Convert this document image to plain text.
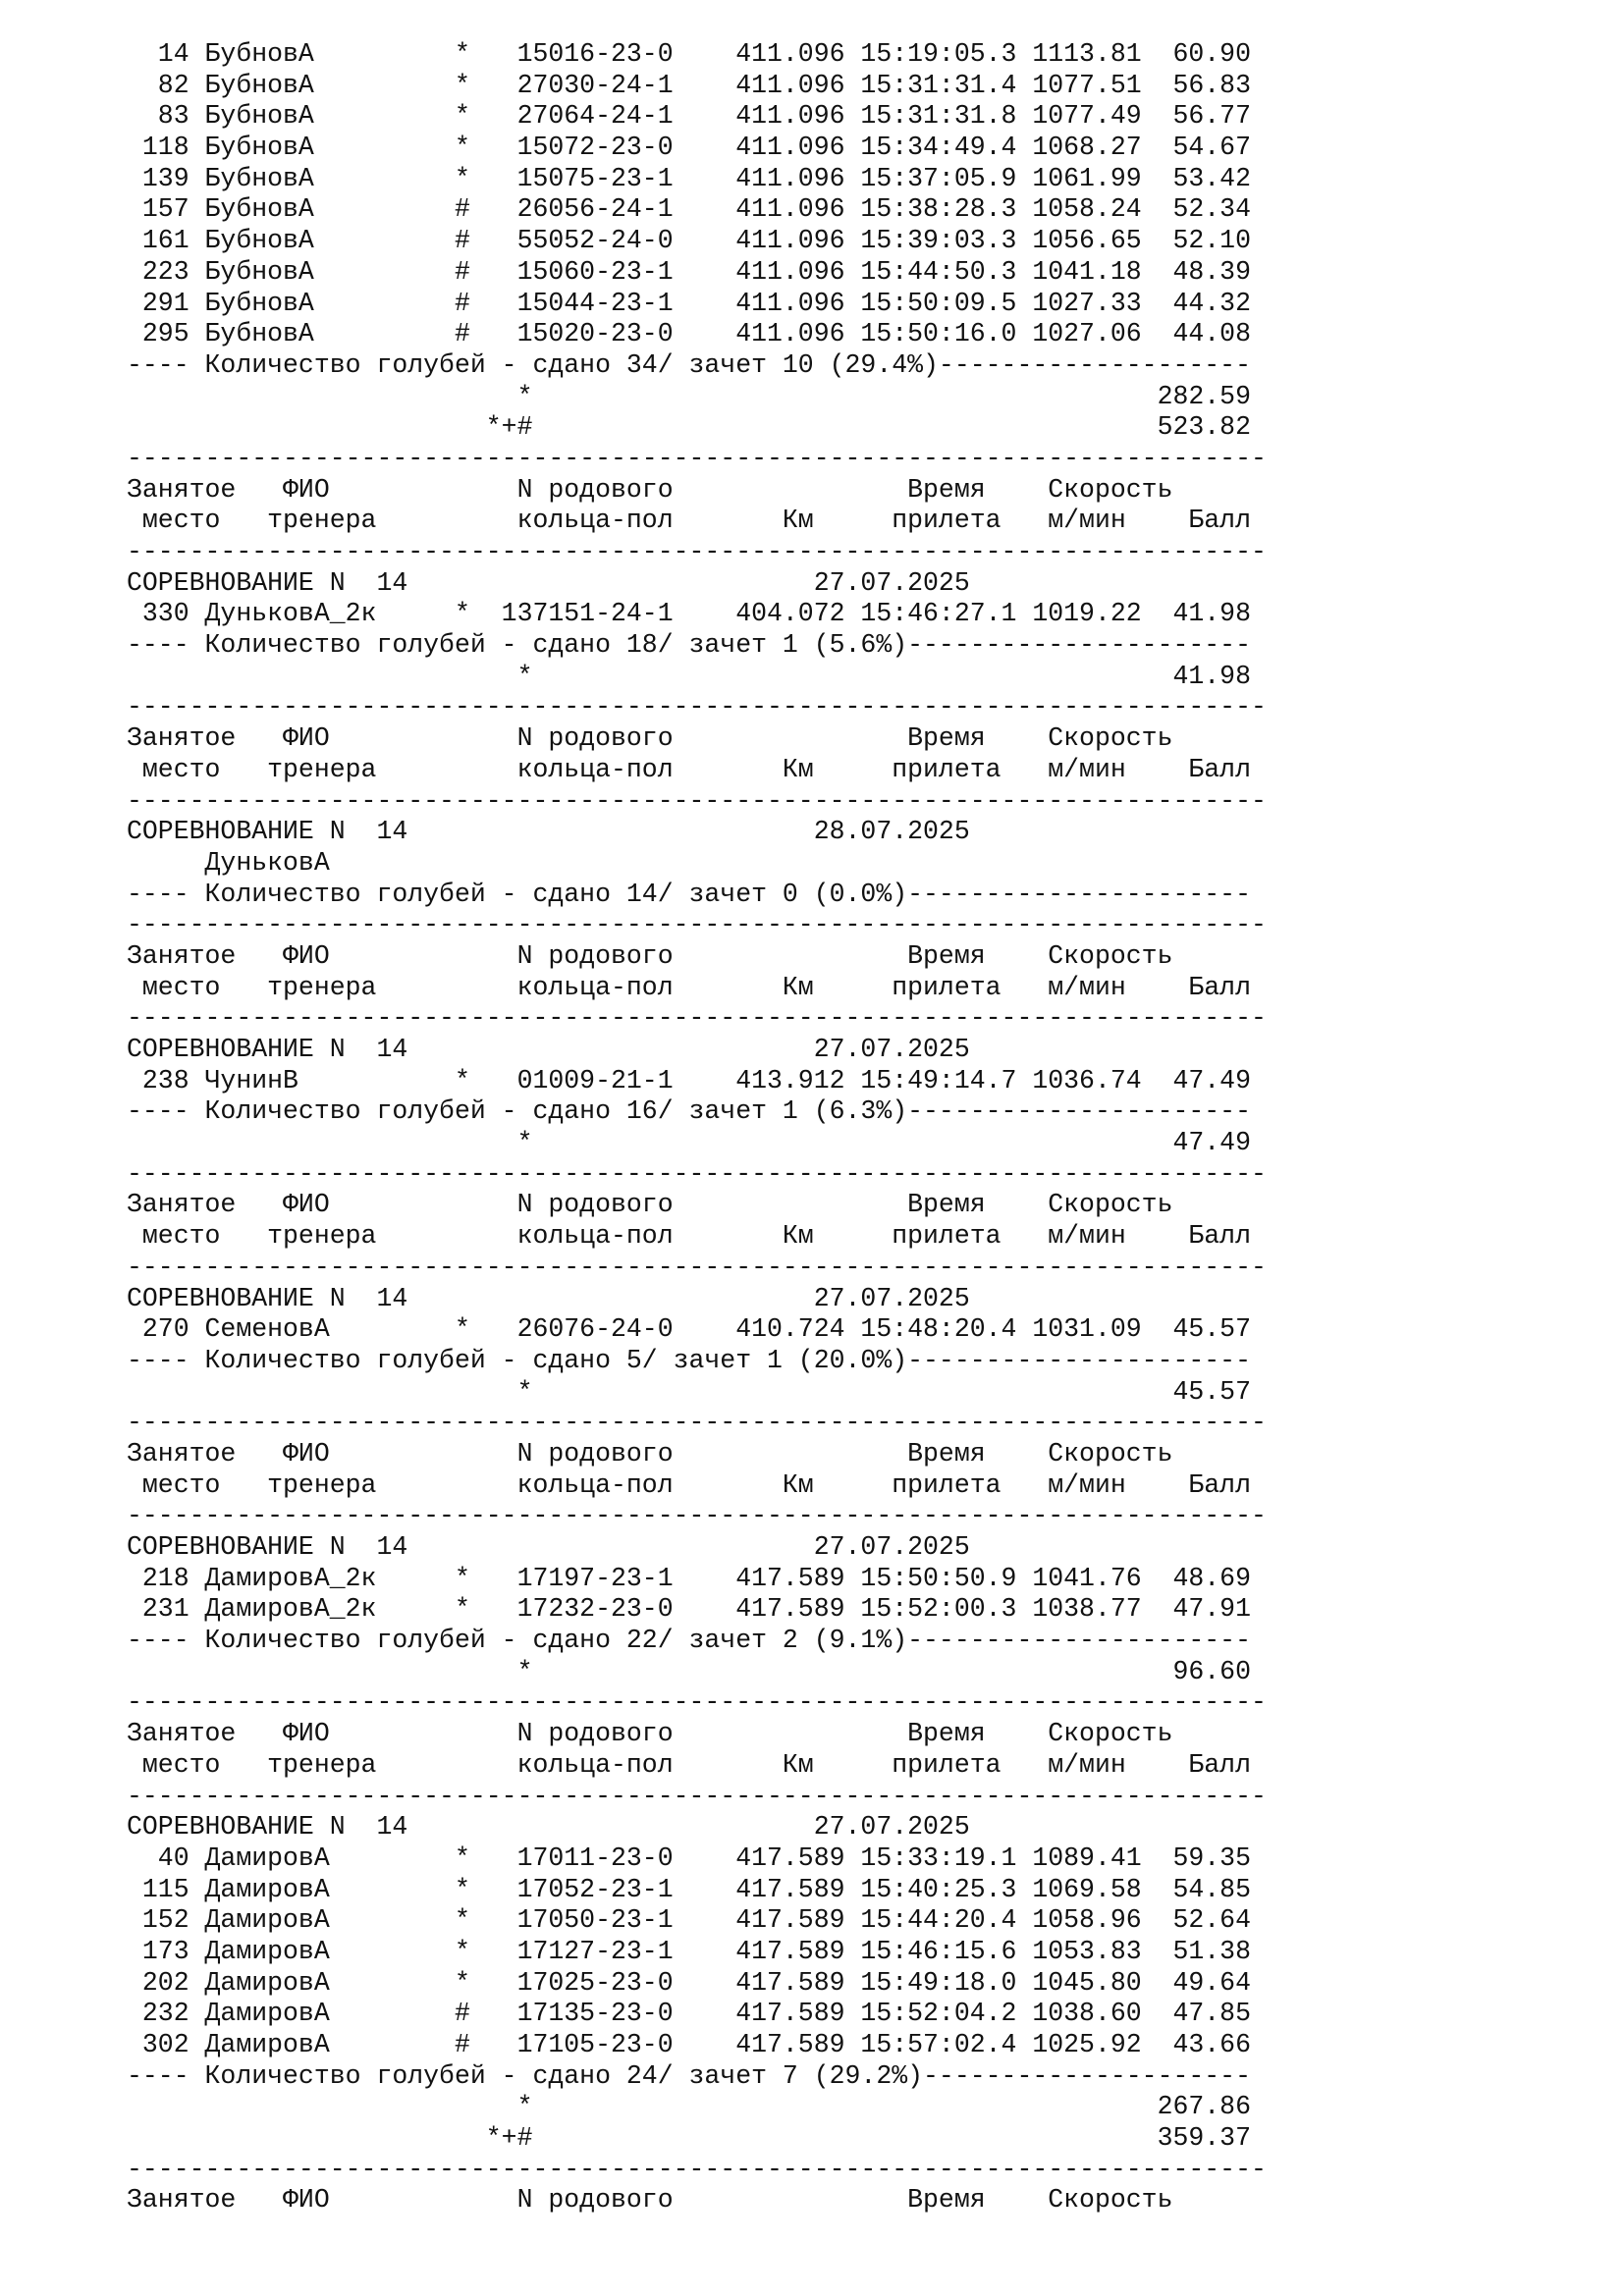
14 БубновА         *   15016-23-0    411.096 15:19:05.3 1113.81  60.90
82 БубновА         *   27030-24-1    411.096 15:31:31.4 1077.51  56.83
83 БубновА         *   27064-24-1    411.096 15:31:31.8 1077.49  56.77
118 БубновА         *   15072-23-0    411.096 15:34:49.4 1068.27  54.67
139 БубновА         *   15075-23-1    411.096 15:37:05.9 1061.99  53.42
157 БубновА         #   26056-24-1    411.096 15:38:28.3 1058.24  52.34
161 БубновА         #   55052-24-0    411.096 15:39:03.3 1056.65  52.10
223 БубновА         #   15060-23-1    411.096 15:44:50.3 1041.18  48.39
291 БубновА         #   15044-23-1    411.096 15:50:09.5 1027.33  44.32
295 БубновА         #   15020-23-0    411.096 15:50:16.0 1027.06  44.08
---- Количество голубей - сдано 34/ зачет 10 (29.4%)--------------------
*                                        282.59
*+#                                        523.82
-------------------------------------------------------------------------
Занятое   ФИО            N родового               Время    Скорость
место   тренера         кольца-пол       Км     прилета   м/мин    Балл
-------------------------------------------------------------------------
СОРЕВНОВАНИЕ N  14                          27.07.2025
330 ДуньковА_2к     *  137151-24-1    404.072 15:46:27.1 1019.22  41.98
---- Количество голубей - сдано 18/ зачет 1 (5.6%)----------------------
*                                         41.98
-------------------------------------------------------------------------
Занятое   ФИО            N родового               Время    Скорость
место   тренера         кольца-пол       Км     прилета   м/мин    Балл
-------------------------------------------------------------------------
СОРЕВНОВАНИЕ N  14                          28.07.2025
ДуньковА
---- Количество голубей - сдано 14/ зачет 0 (0.0%)----------------------
-------------------------------------------------------------------------
Занятое   ФИО            N родового               Время    Скорость
место   тренера         кольца-пол       Км     прилета   м/мин    Балл
-------------------------------------------------------------------------
СОРЕВНОВАНИЕ N  14                          27.07.2025
238 ЧунинВ          *   01009-21-1    413.912 15:49:14.7 1036.74  47.49
---- Количество голубей - сдано 16/ зачет 1 (6.3%)----------------------
*                                         47.49
-------------------------------------------------------------------------
Занятое   ФИО            N родового               Время    Скорость
место   тренера         кольца-пол       Км     прилета   м/мин    Балл
-------------------------------------------------------------------------
СОРЕВНОВАНИЕ N  14                          27.07.2025
270 СеменовА        *   26076-24-0    410.724 15:48:20.4 1031.09  45.57
---- Количество голубей - сдано 5/ зачет 1 (20.0%)----------------------
*                                         45.57
-------------------------------------------------------------------------
Занятое   ФИО            N родового               Время    Скорость
место   тренера         кольца-пол       Км     прилета   м/мин    Балл
-------------------------------------------------------------------------
СОРЕВНОВАНИЕ N  14                          27.07.2025
218 ДамировА_2к     *   17197-23-1    417.589 15:50:50.9 1041.76  48.69
231 ДамировА_2к     *   17232-23-0    417.589 15:52:00.3 1038.77  47.91
---- Количество голубей - сдано 22/ зачет 2 (9.1%)----------------------
*                                         96.60
-------------------------------------------------------------------------
Занятое   ФИО            N родового               Время    Скорость
место   тренера         кольца-пол       Км     прилета   м/мин    Балл
-------------------------------------------------------------------------
СОРЕВНОВАНИЕ N  14                          27.07.2025
40 ДамировА        *   17011-23-0    417.589 15:33:19.1 1089.41  59.35
115 ДамировА        *   17052-23-1    417.589 15:40:25.3 1069.58  54.85
152 ДамировА        *   17050-23-1    417.589 15:44:20.4 1058.96  52.64
173 ДамировА        *   17127-23-1    417.589 15:46:15.6 1053.83  51.38
202 ДамировА        *   17025-23-0    417.589 15:49:18.0 1045.80  49.64
232 ДамировА        #   17135-23-0    417.589 15:52:04.2 1038.60  47.85
302 ДамировА        #   17105-23-0    417.589 15:57:02.4 1025.92  43.66
---- Количество голубей - сдано 24/ зачет 7 (29.2%)---------------------
*                                        267.86
*+#                                        359.37
-------------------------------------------------------------------------
Занятое   ФИО            N родового               Время    Скорость
